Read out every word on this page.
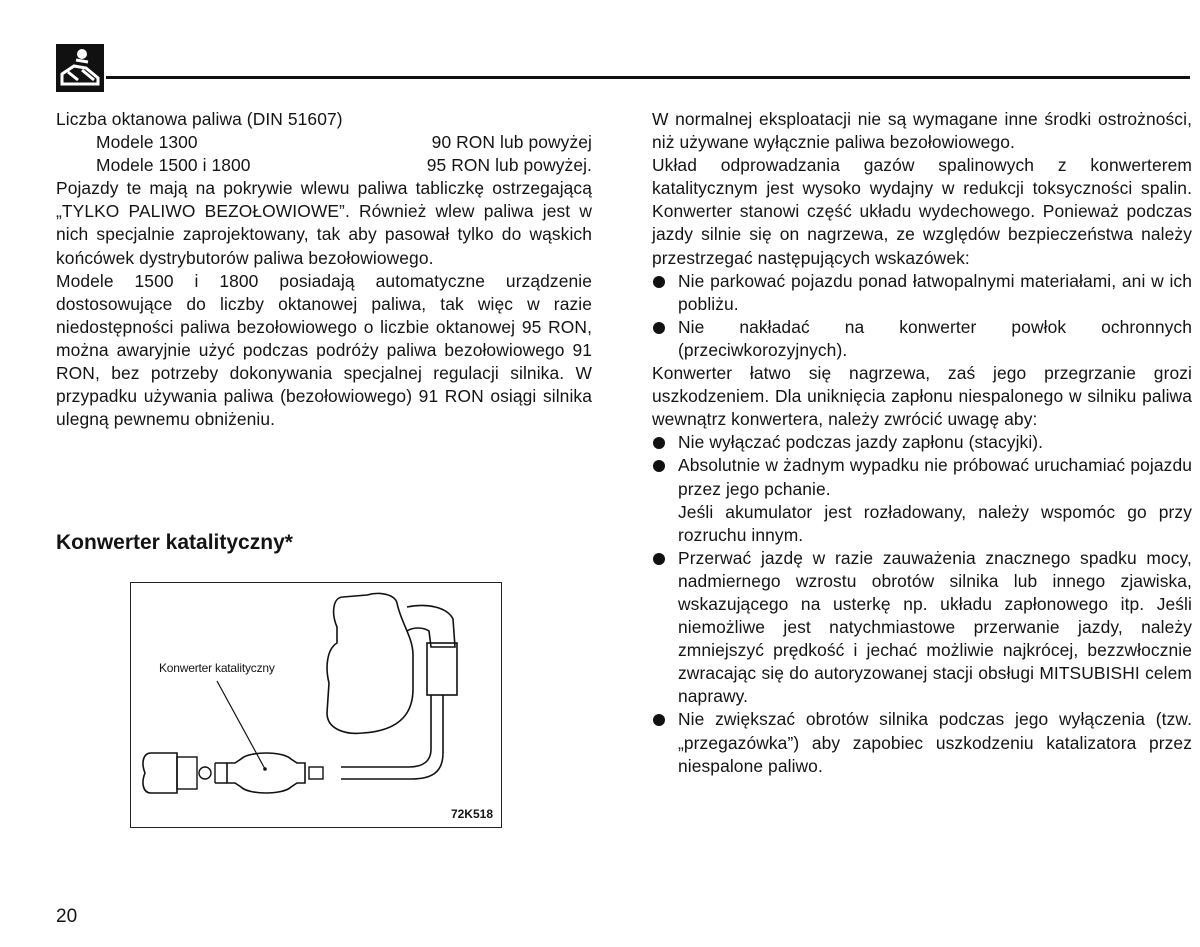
Liczba oktanowa paliwa (DIN 51607)

Modele 1300	90 RON lub powyżej
Modele 1500 i 1800	95 RON lub powyżej.

Pojazdy te mają na pokrywie wlewu paliwa tabliczkę ostrzegającą „TYLKO PALIWO BEZOŁOWIOWE”. Również wlew paliwa jest w nich specjalnie zaprojektowany, tak aby pasował tylko do wąskich końcówek dystrybutorów paliwa bezołowiowego.

Modele 1500 i 1800 posiadają automatyczne urządzenie dostosowujące do liczby oktanowej paliwa, tak więc w razie niedostępności paliwa bezołowiowego o liczbie oktanowej 95 RON, można awaryjnie użyć podczas podróży paliwa bezołowiowego 91 RON, bez potrzeby dokonywania specjalnej regulacji silnika. W przypadku używania paliwa (bezołowiowego) 91 RON osiągi silnika ulegną pewnemu obniżeniu.

Konwerter katalityczny*
Konwerter katalityczny
72K518

W normalnej eksploatacji nie są wymagane inne środki ostrożności, niż używane wyłącznie paliwa bezołowiowego.

Układ odprowadzania gazów spalinowych z konwerterem katalitycznym jest wysoko wydajny w redukcji toksyczności spalin. Konwerter stanowi część układu wydechowego. Ponieważ podczas jazdy silnie się on nagrzewa, ze względów bezpieczeństwa należy przestrzegać następujących wskazówek:

Nie parkować pojazdu ponad łatwopalnymi materiałami, ani w ich pobliżu.

Nie nakładać na konwerter powłok ochronnych (przeciwkorozyjnych).

Konwerter łatwo się nagrzewa, zaś jego przegrzanie grozi uszkodzeniem. Dla uniknięcia zapłonu niespalonego w silniku paliwa wewnątrz konwertera, należy zwrócić uwagę aby:

Nie wyłączać podczas jazdy zapłonu (stacyjki).

Absolutnie w żadnym wypadku nie próbować uruchamiać pojazdu przez jego pchanie.
Jeśli akumulator jest rozładowany, należy wspomóc go przy rozruchu innym.

Przerwać jazdę w razie zauważenia znacznego spadku mocy, nadmiernego wzrostu obrotów silnika lub innego zjawiska, wskazującego na usterkę np. układu zapłonowego itp. Jeśli niemożliwe jest natychmiastowe przerwanie jazdy, należy zmniejszyć prędkość i jechać możliwie najkrócej, bezzwłocznie zwracając się do autoryzowanej stacji obsługi MITSUBISHI celem naprawy.

Nie zwiększać obrotów silnika podczas jego wyłączenia (tzw. „przegazówka”) aby zapobiec uszkodzeniu katalizatora przez niespalone paliwo.

20
